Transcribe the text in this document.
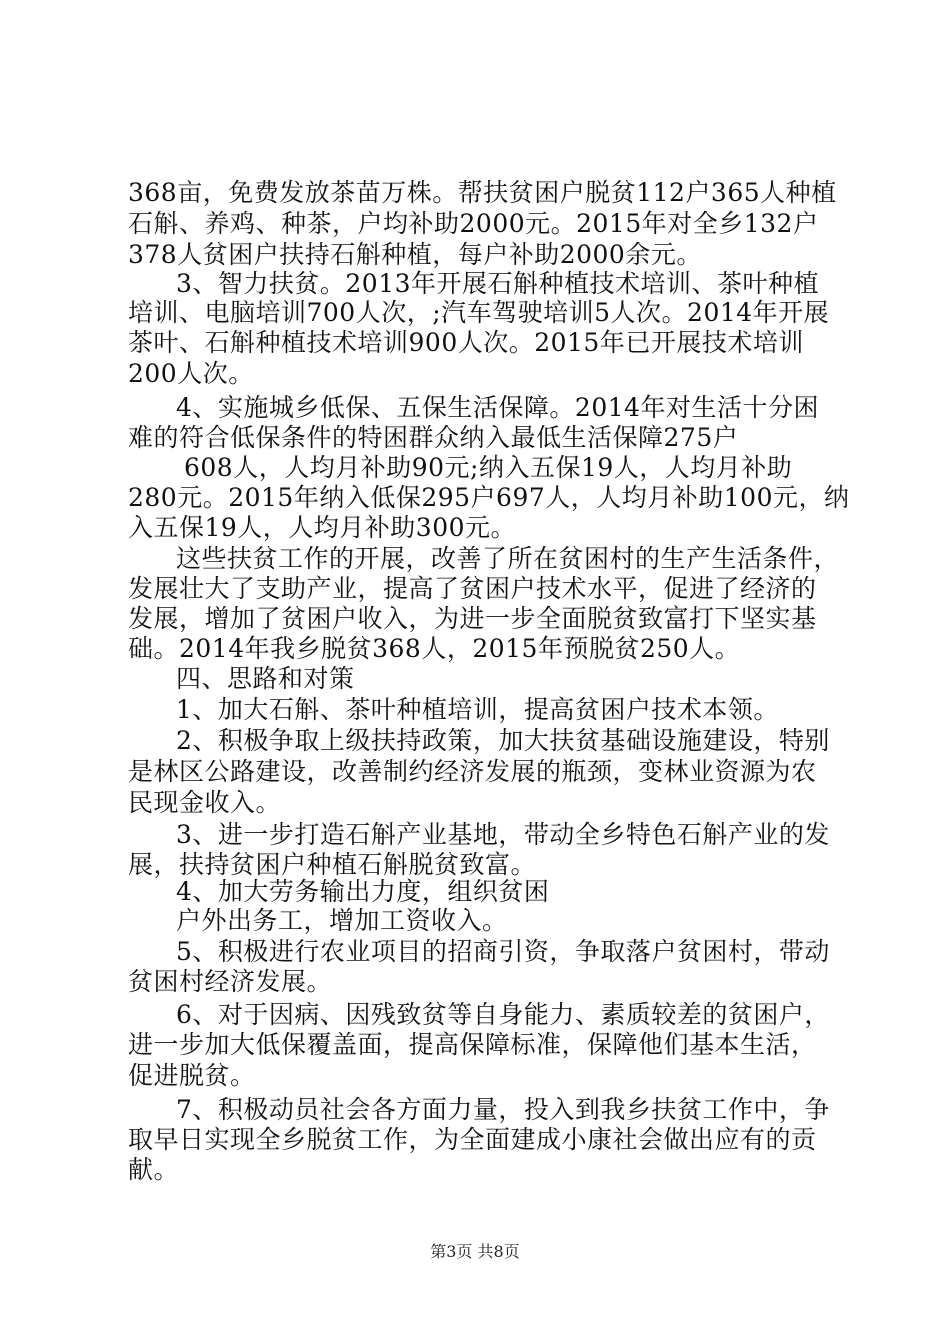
368亩，免费发放茶苗万株。帮扶贫困户脱贫112户365人种植
石斛、养鸡、种茶，户均补助2000元。2015年对全乡132户
378人贫困户扶持石斛种植，每户补助2000余元。
3、智力扶贫。2013年开展石斛种植技术培训、茶叶种植
培训、电脑培训700人次，;汽车驾驶培训5人次。2014年开展
茶叶、石斛种植技术培训900人次。2015年已开展技术培训
200人次。
4、实施城乡低保、五保生活保障。2014年对生活十分困
难的符合低保条件的特困群众纳入最低生活保障275户
608人，人均月补助90元;纳入五保19人，人均月补助
280元。2015年纳入低保295户697人，人均月补助100元，纳
入五保19人，人均月补助300元。
这些扶贫工作的开展，改善了所在贫困村的生产生活条件，
发展壮大了支助产业，提高了贫困户技术水平，促进了经济的
发展，增加了贫困户收入，为进一步全面脱贫致富打下坚实基
础。2014年我乡脱贫368人，2015年预脱贫250人。
四、思路和对策
1、加大石斛、茶叶种植培训，提高贫困户技术本领。
2、积极争取上级扶持政策，加大扶贫基础设施建设，特别
是林区公路建设，改善制约经济发展的瓶颈，变林业资源为农
民现金收入。
3、进一步打造石斛产业基地，带动全乡特色石斛产业的发
展，扶持贫困户种植石斛脱贫致富。
4、加大劳务输出力度，组织贫困
户外出务工，增加工资收入。
5、积极进行农业项目的招商引资，争取落户贫困村，带动
贫困村经济发展。
6、对于因病、因残致贫等自身能力、素质较差的贫困户，
进一步加大低保覆盖面，提高保障标准，保障他们基本生活，
促进脱贫。
7、积极动员社会各方面力量，投入到我乡扶贫工作中，争
取早日实现全乡脱贫工作，为全面建成小康社会做出应有的贡
献。
第3页 共8页
